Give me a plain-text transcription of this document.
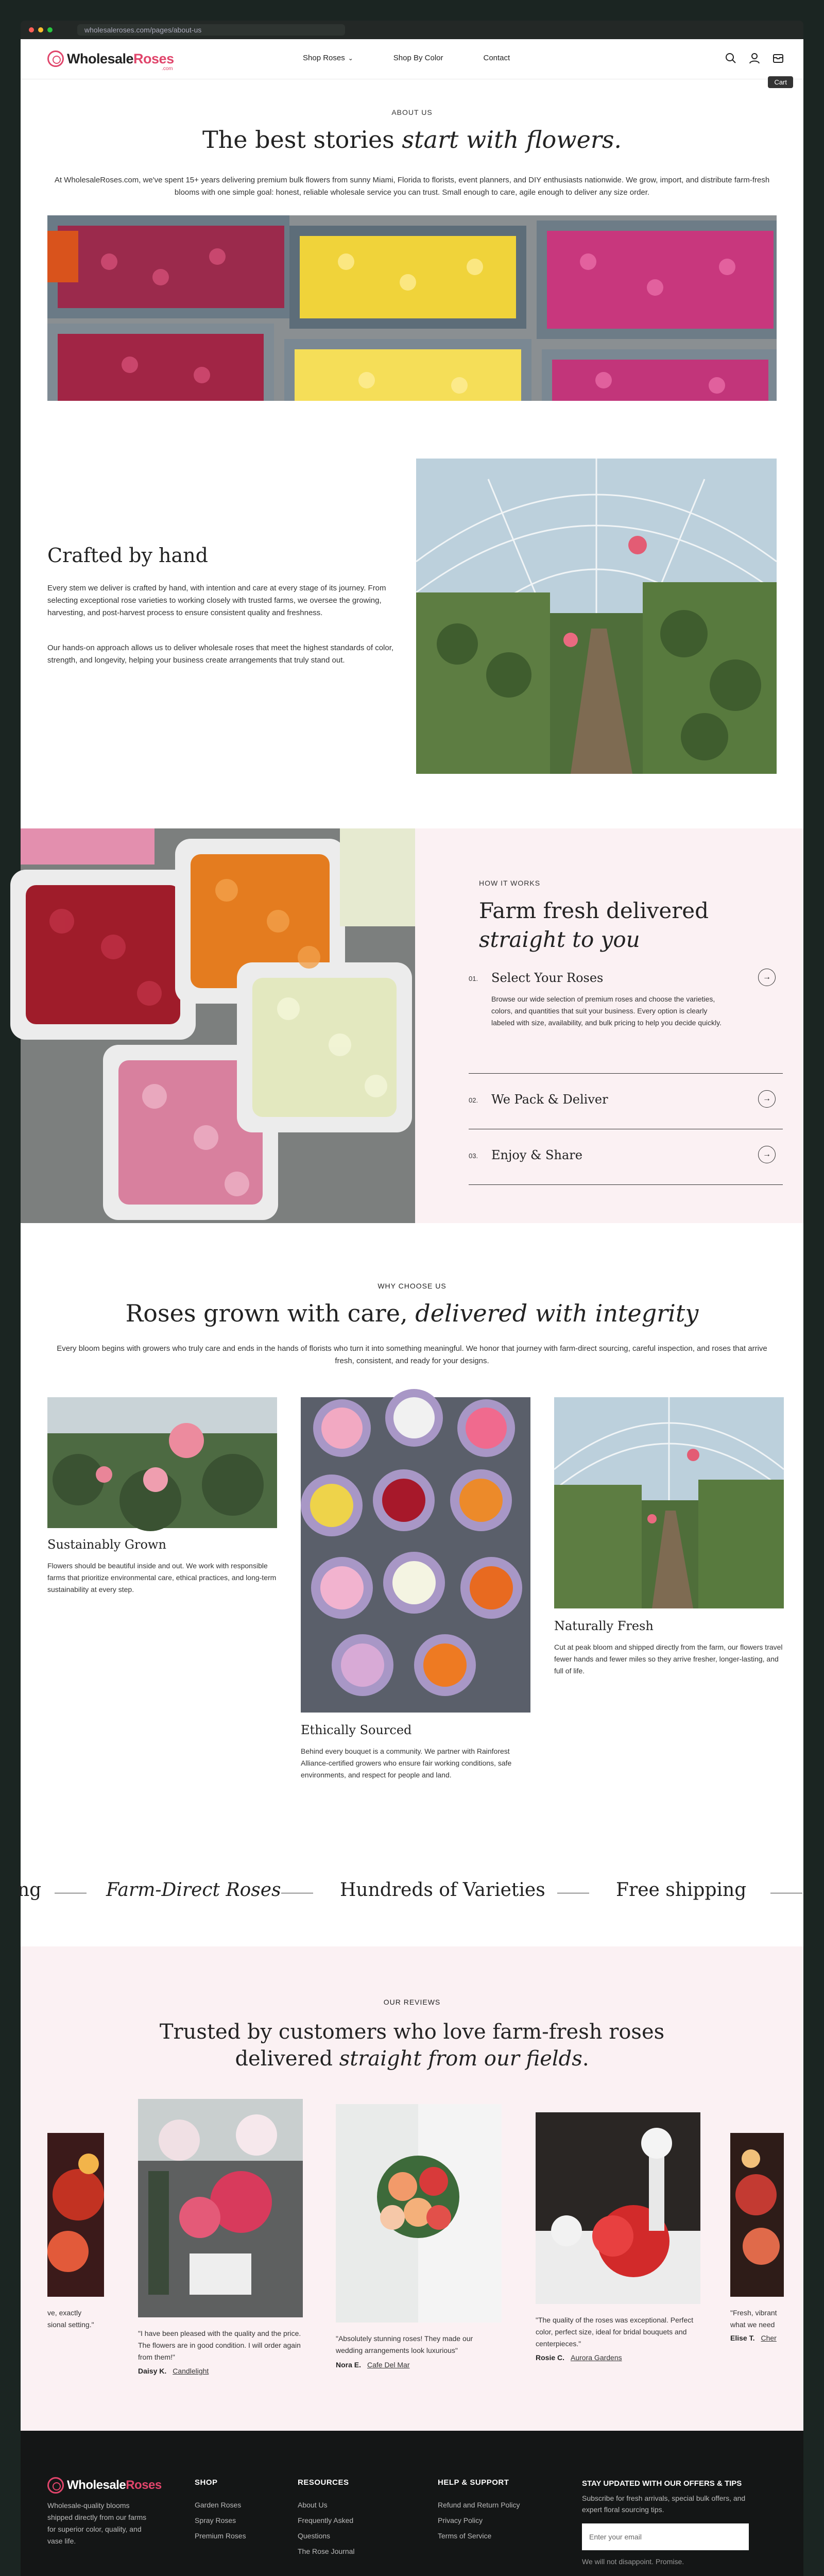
wholesaleroses.com/pages/about-us
WholesaleRoses
.com
Shop Roses ⌄	Shop By Color	Contact
Cart
ABOUT US
The best stories start with flowers.
At WholesaleRoses.com, we've spent 15+ years delivering premium bulk flowers from sunny Miami, Florida to florists, event planners, and DIY enthusiasts nationwide. We grow, import, and distribute farm-fresh blooms with one simple goal: honest, reliable wholesale service you can trust. Small enough to care, agile enough to deliver any size order.
Crafted by hand
Every stem we deliver is crafted by hand, with intention and care at every stage of its journey. From selecting exceptional rose varieties to working closely with trusted farms, we oversee the growing, harvesting, and post-harvest process to ensure consistent quality and freshness.
Our hands-on approach allows us to deliver wholesale roses that meet the highest standards of color, strength, and longevity, helping your business create arrangements that truly stand out.
HOW IT WORKS
Farm fresh delivered
straight to you
01. Select Your Roses	→
Browse our wide selection of premium roses and choose the varieties, colors, and quantities that suit your business. Every option is clearly labeled with size, availability, and bulk pricing to help you decide quickly.
02. We Pack & Deliver	→
03. Enjoy & Share	→
WHY CHOOSE US
Roses grown with care, delivered with integrity
Every bloom begins with growers who truly care and ends in the hands of florists who turn it into something meaningful. We honor that journey with farm-direct sourcing, careful inspection, and roses that arrive fresh, consistent, and ready for your designs.
Sustainably Grown
Flowers should be beautiful inside and out. We work with responsible farms that prioritize environmental care, ethical practices, and long-term sustainability at every step.
Ethically Sourced
Behind every bouquet is a community. We partner with Rainforest Alliance-certified growers who ensure fair working conditions, safe environments, and respect for people and land.
Naturally Fresh
Cut at peak bloom and shipped directly from the farm, our flowers travel fewer hands and fewer miles so they arrive fresher, longer-lasting, and full of life.
ng	Farm-Direct Roses	Hundreds of Varieties	Free shipping
OUR REVIEWS
Trusted by customers who love farm-fresh roses
delivered straight from our fields.
ve, exactly
sional setting."
"I have been pleased with the quality and the price. The flowers are in good condition. I will order again from them!"
Daisy K. Candlelight
"Absolutely stunning roses! They made our wedding arrangements look luxurious"
Nora E. Cafe Del Mar
"The quality of the roses was exceptional. Perfect color, perfect size, ideal for bridal bouquets and centerpieces."
Rosie C. Aurora Gardens
"Fresh, vibrant
what we need
Elise T. Cher
WholesaleRoses
Wholesale-quality blooms shipped directly from our farms for superior color, quality, and vase life.
SHOP
Garden Roses
Spray Roses
Premium Roses
RESOURCES
About Us
Frequently Asked
Questions
The Rose Journal
HELP & SUPPORT
Refund and Return Policy
Privacy Policy
Terms of Service
STAY UPDATED WITH OUR OFFERS & TIPS

Subscribe for fresh arrivals, special bulk offers, and expert floral sourcing tips.

Enter your email
We will not disappoint. Promise.
